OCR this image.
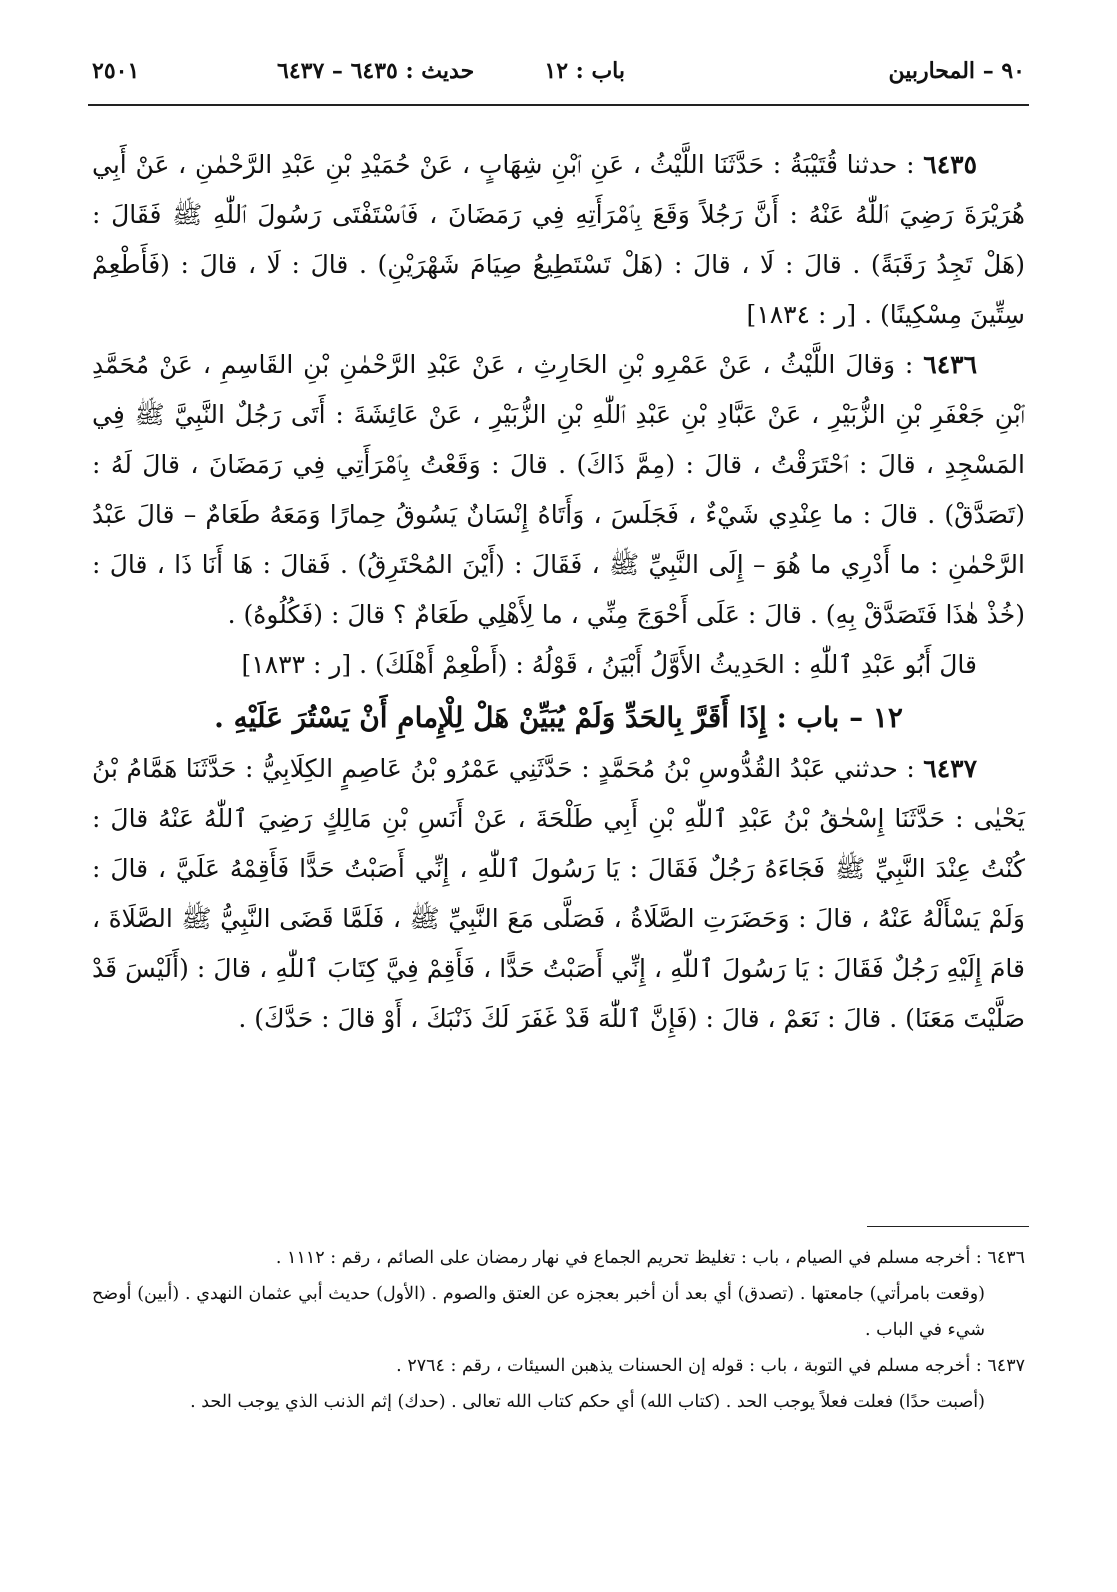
٩٠ – المحاربين
باب : ١٢
حديث : ٦٤٣٥ – ٦٤٣٧
٢٥٠١

٦٤٣٥ : حدثنا قُتَيْبَةُ : حَدَّثَنَا اللَّيْثُ ، عَنِ ٱبْنِ شِهَابٍ ، عَنْ حُمَيْدِ بْنِ عَبْدِ الرَّحْمٰنِ ، عَنْ أَبِي هُرَيْرَةَ رَضِيَ ٱللّٰهُ عَنْهُ : أَنَّ رَجُلاً وَقَعَ بِٱمْرَأَتِهِ فِي رَمَضَانَ ، فَٱسْتَفْتَى رَسُولَ ٱللّٰهِ ﷺ فَقَالَ : (هَلْ تَجِدُ رَقَبَةً) . قالَ : لَا ، قالَ : (هَلْ تَسْتَطِيعُ صِيَامَ شَهْرَيْنِ) . قالَ : لَا ، قالَ : (فَأَطْعِمْ سِتِّينَ مِسْكِينًا) . [ر : ١٨٣٤]

٦٤٣٦ : وَقالَ اللَّيْثُ ، عَنْ عَمْرِو بْنِ الحَارِثِ ، عَنْ عَبْدِ الرَّحْمٰنِ بْنِ القَاسِمِ ، عَنْ مُحَمَّدِ ٱبْنِ جَعْفَرِ بْنِ الزُّبَيْرِ ، عَنْ عَبَّادِ بْنِ عَبْدِ ٱللّٰهِ بْنِ الزُّبَيْرِ ، عَنْ عَائِشَةَ : أَتَى رَجُلٌ النَّبِيَّ ﷺ فِي المَسْجِدِ ، قالَ : ٱحْتَرَقْتُ ، قالَ : (مِمَّ ذَاكَ) . قالَ : وَقَعْتُ بِٱمْرَأَتِي فِي رَمَضَانَ ، قالَ لَهُ : (تَصَدَّقْ) . قالَ : ما عِنْدِي شَيْءٌ ، فَجَلَسَ ، وَأَتَاهُ إِنْسَانٌ يَسُوقُ حِمارًا وَمَعَهُ طَعَامٌ – قالَ عَبْدُ الرَّحْمٰنِ : ما أَدْرِي ما هُوَ – إِلَى النَّبِيِّ ﷺ ، فَقَالَ : (أَيْنَ المُحْتَرِقُ) . فَقالَ : هَا أَنَا ذَا ، قالَ : (خُذْ هٰذَا فَتَصَدَّقْ بِهِ) . قالَ : عَلَى أَحْوَجَ مِنِّي ، ما لِأَهْلِي طَعَامٌ ؟ قالَ : (فَكُلُوهُ) .

قالَ أَبُو عَبْدِ ٱللّٰهِ : الحَدِيثُ الأَوَّلُ أَبْيَنُ ، قَوْلُهُ : (أَطْعِمْ أَهْلَكَ) . [ر : ١٨٣٣]

١٢ – باب : إِذَا أَقَرَّ بِالحَدِّ وَلَمْ يُبَيِّنْ هَلْ لِلْإِمامِ أَنْ يَسْتُرَ عَلَيْهِ .

٦٤٣٧ : حدثني عَبْدُ القُدُّوسِ بْنُ مُحَمَّدٍ : حَدَّثَنِي عَمْرُو بْنُ عَاصِمٍ الكِلَابِيُّ : حَدَّثَنَا هَمَّامُ بْنُ يَحْيٰى : حَدَّثَنَا إِسْحٰقُ بْنُ عَبْدِ ٱللّٰهِ بْنِ أَبِي طَلْحَةَ ، عَنْ أَنَسِ بْنِ مَالِكٍ رَضِيَ ٱللّٰهُ عَنْهُ قالَ : كُنْتُ عِنْدَ النَّبِيِّ ﷺ فَجَاءَهُ رَجُلٌ فَقَالَ : يَا رَسُولَ ٱللّٰهِ ، إِنِّي أَصَبْتُ حَدًّا فَأَقِمْهُ عَلَيَّ ، قالَ : وَلَمْ يَسْأَلْهُ عَنْهُ ، قالَ : وَحَضَرَتِ الصَّلَاةُ ، فَصَلَّى مَعَ النَّبِيِّ ﷺ ، فَلَمَّا قَضَى النَّبِيُّ ﷺ الصَّلَاةَ ، قامَ إِلَيْهِ رَجُلٌ فَقَالَ : يَا رَسُولَ ٱللّٰهِ ، إِنِّي أَصَبْتُ حَدًّا ، فَأَقِمْ فِيَّ كِتَابَ ٱللّٰهِ ، قالَ : (أَلَيْسَ قَدْ صَلَّيْتَ مَعَنَا) . قالَ : نَعَمْ ، قالَ : (فَإِنَّ ٱللّٰهَ قَدْ غَفَرَ لَكَ ذَنْبَكَ ، أَوْ قالَ : حَدَّكَ) .

٦٤٣٦ : أخرجه مسلم في الصيام ، باب : تغليظ تحريم الجماع في نهار رمضان على الصائم ، رقم : ١١١٢ .

(وقعت بامرأتي) جامعتها . (تصدق) أي بعد أن أخبر بعجزه عن العتق والصوم . (الأول) حديث أبي عثمان النهدي . (أبين) أوضح شيء في الباب .

٦٤٣٧ : أخرجه مسلم في التوبة ، باب : قوله إن الحسنات يذهبن السيئات ، رقم : ٢٧٦٤ .

(أصبت حدًا) فعلت فعلاً يوجب الحد . (كتاب الله) أي حكم كتاب الله تعالى . (حدك) إثم الذنب الذي يوجب الحد .
